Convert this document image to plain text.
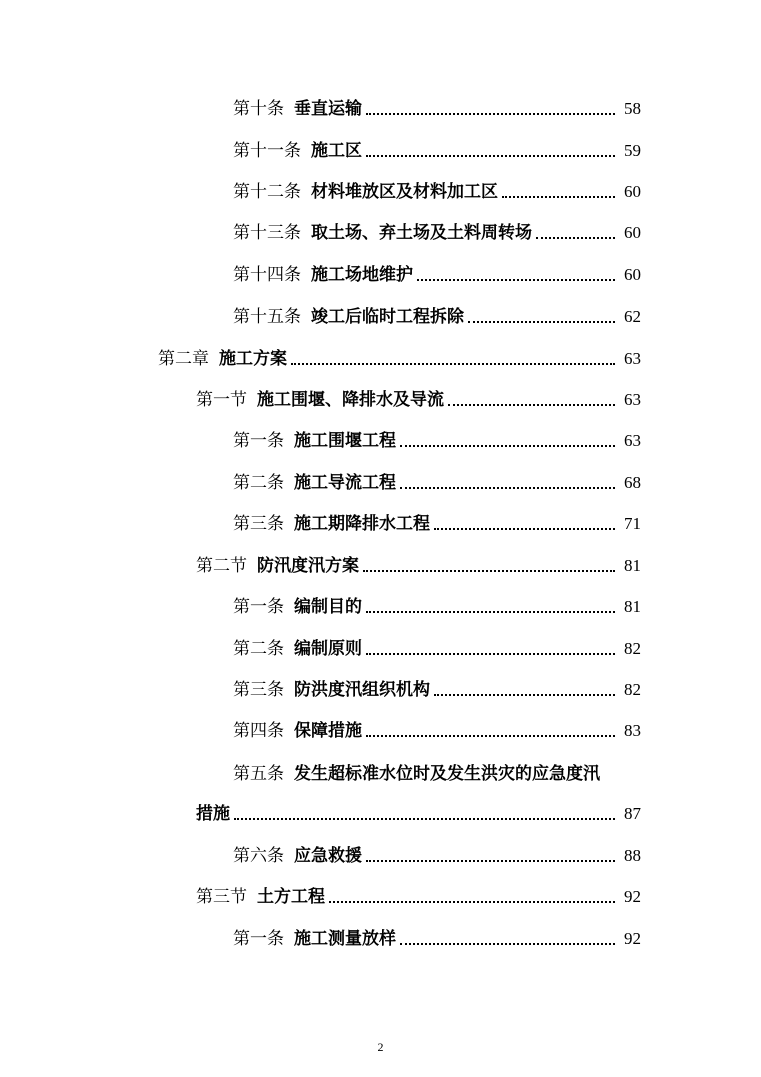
第十条 垂直运输	58
第十一条 施工区	59
第十二条 材料堆放区及材料加工区	60
第十三条 取土场、弃土场及土料周转场	60
第十四条 施工场地维护	60
第十五条 竣工后临时工程拆除	62
第二章 施工方案	63
第一节 施工围堰、降排水及导流	63
第一条 施工围堰工程	63
第二条 施工导流工程	68
第三条 施工期降排水工程	71
第二节 防汛度汛方案	81
第一条 编制目的	81
第二条 编制原则	82
第三条 防洪度汛组织机构	82
第四条 保障措施	83
第五条 发生超标准水位时及发生洪灾的应急度汛
措施	87
第六条 应急救援	88
第三节 土方工程	92
第一条 施工测量放样	92
2
